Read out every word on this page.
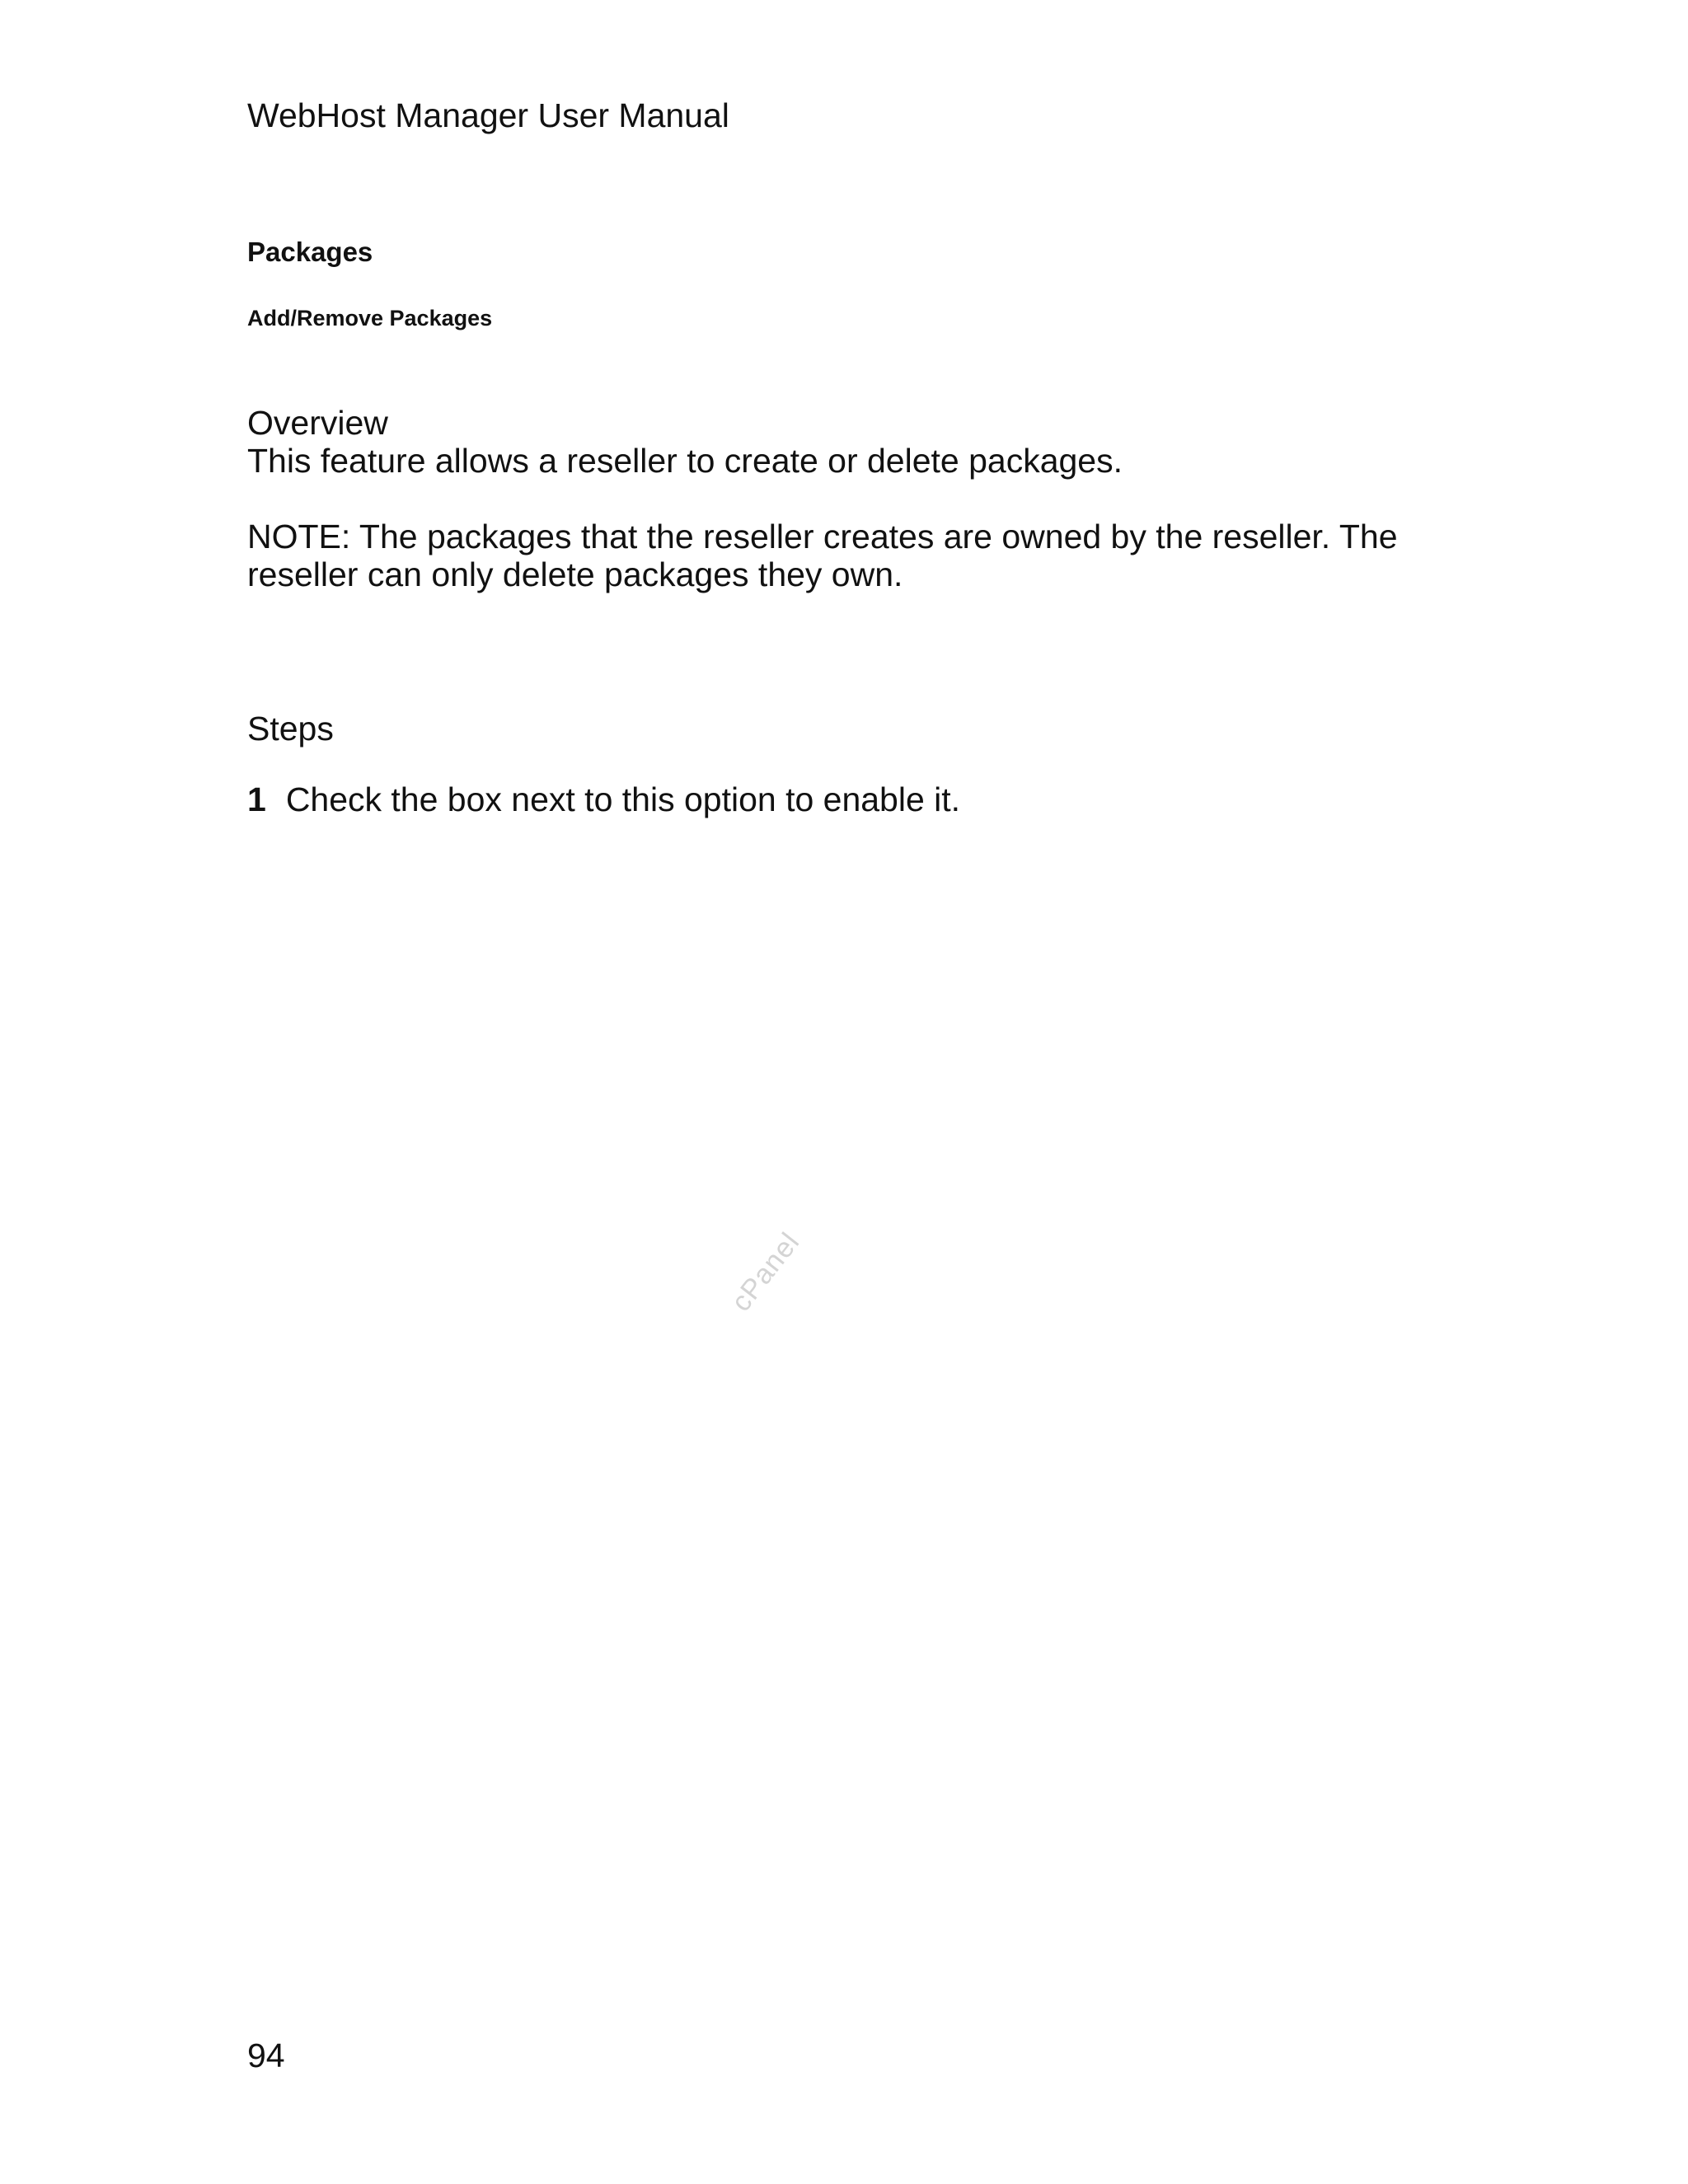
WebHost Manager User Manual
Packages
Add/Remove Packages

Overview

This feature allows a reseller to create or delete packages.

NOTE: The packages that the reseller creates are owned by the reseller. The reseller can only delete packages they own.

Steps
1 Check the box next to this option to enable it.
cPanel
94
